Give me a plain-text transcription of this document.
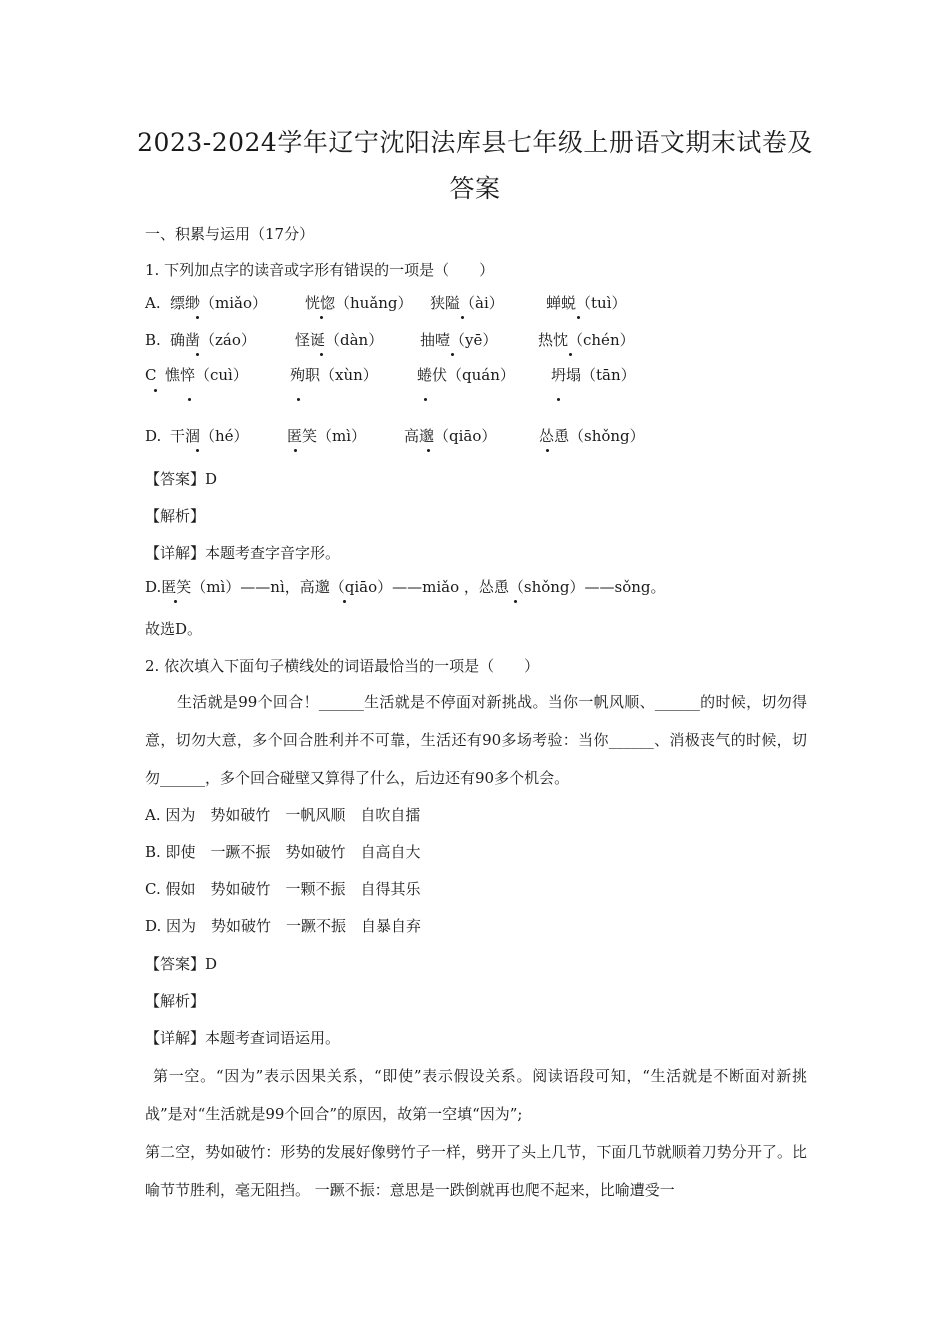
2023-2024学年辽宁沈阳法库县七年级上册语文期末试卷及
答案
一、积累与运用（17分）
1. 下列加点字的读音或字形有错误的一项是（　　）
A. 缥缈（miǎo）	恍惚（huǎng） 狭隘（ài）	蝉蜕（tuì）
B. 确凿（záo）	怪诞（dàn） 抽噎（yē）	热忱（chén）
C 憔悴（cuì）	殉职（xùn）	蜷伏（quán） 坍塌（tān）
D. 干涸（hé）	匿笑（mì）	高邈（qiāo）	怂恿（shǒng）
【答案】D
【解析】
【详解】本题考查字音字形。
D.匿笑（mì）——nì，高邈（qiāo）——miǎo ，怂恿（shǒng）——sǒng。
故选D。
2. 依次填入下面句子横线处的词语最恰当的一项是（　　）
生活就是99个回合！______生活就是不停面对新挑战。当你一帆风顺、______的时候，切勿得意，切勿大意，多个回合胜利并不可靠，生活还有90多场考验：当你______、消极丧气的时候，切勿______，多个回合碰壁又算得了什么，后边还有90多个机会。
A. 因为　势如破竹　一帆风顺　自吹自擂
B. 即使　一蹶不振　势如破竹　自高自大
C. 假如　势如破竹　一颗不振　自得其乐
D. 因为　势如破竹　一蹶不振　自暴自弃
【答案】D
【解析】
【详解】本题考查词语运用。
第一空。“因为”表示因果关系，“即使”表示假设关系。阅读语段可知，“生活就是不断面对新挑战”是对“生活就是99个回合”的原因，故第一空填“因为”;
第二空，势如破竹：形势的发展好像劈竹子一样，劈开了头上几节，下面几节就顺着刀势分开了。比喻节节胜利，毫无阻挡。 一蹶不振：意思是一跌倒就再也爬不起来，比喻遭受一
